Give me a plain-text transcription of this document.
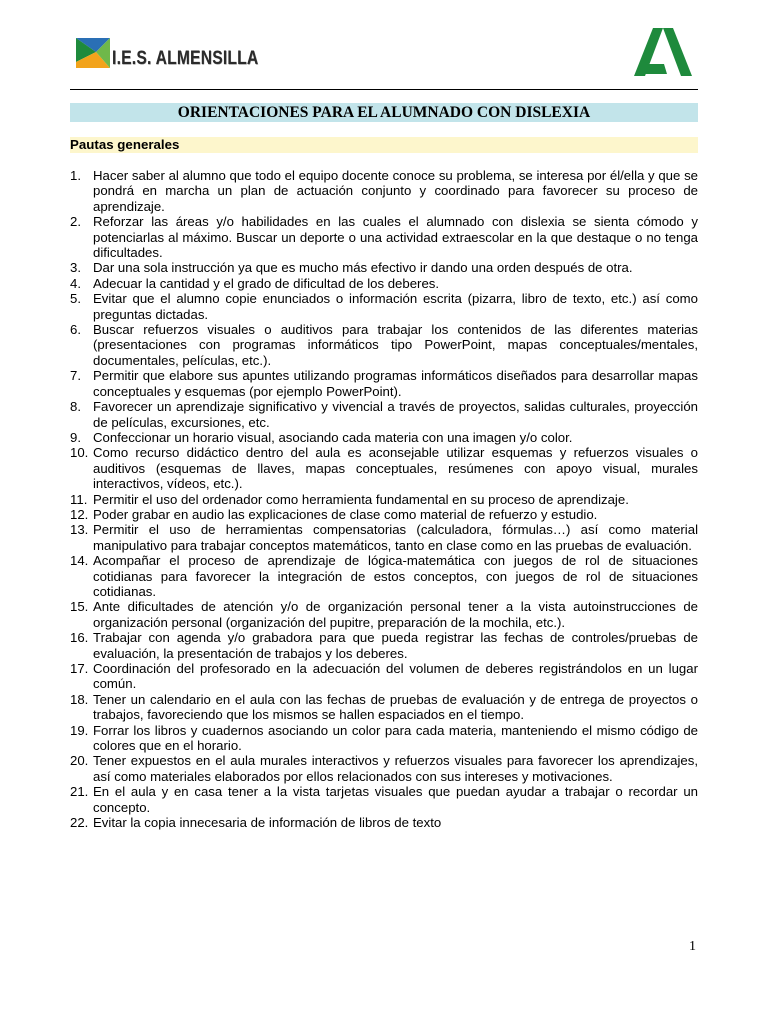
I.E.S. ALMENSILLA
ORIENTACIONES PARA EL ALUMNADO CON DISLEXIA
Pautas generales
1. Hacer saber al alumno que todo el equipo docente conoce su problema, se interesa por él/ella y que se pondrá en marcha un plan de actuación conjunto y coordinado para favorecer su proceso de aprendizaje.
2. Reforzar las áreas y/o habilidades en las cuales el alumnado con dislexia se sienta cómodo y potenciarlas al máximo. Buscar un deporte o una actividad extraescolar en la que destaque o no tenga dificultades.
3. Dar una sola instrucción ya que es mucho más efectivo ir dando una orden después de otra.
4. Adecuar la cantidad y el grado de dificultad de los deberes.
5. Evitar que el alumno copie enunciados o información escrita (pizarra, libro de texto, etc.) así como preguntas dictadas.
6. Buscar refuerzos visuales o auditivos para trabajar los contenidos de las diferentes materias (presentaciones con programas informáticos tipo PowerPoint, mapas conceptuales/mentales, documentales, películas, etc.).
7. Permitir que elabore sus apuntes utilizando programas informáticos diseñados para desarrollar mapas conceptuales y esquemas (por ejemplo PowerPoint).
8. Favorecer un aprendizaje significativo y vivencial a través de proyectos, salidas culturales, proyección de películas, excursiones, etc.
9. Confeccionar un horario visual, asociando cada materia con una imagen y/o color.
10. Como recurso didáctico dentro del aula es aconsejable utilizar esquemas y refuerzos visuales o auditivos (esquemas de llaves, mapas conceptuales, resúmenes con apoyo visual, murales interactivos, vídeos, etc.).
11. Permitir el uso del ordenador como herramienta fundamental en su proceso de aprendizaje.
12. Poder grabar en audio las explicaciones de clase como material de refuerzo y estudio.
13. Permitir el uso de herramientas compensatorias (calculadora, fórmulas…) así como material manipulativo para trabajar conceptos matemáticos, tanto en clase como en las pruebas de evaluación.
14. Acompañar el proceso de aprendizaje de lógica-matemática con juegos de rol de situaciones cotidianas para favorecer la integración de estos conceptos, con juegos de rol de situaciones cotidianas.
15. Ante dificultades de atención y/o de organización personal tener a la vista autoinstrucciones de organización personal (organización del pupitre, preparación de la mochila, etc.).
16. Trabajar con agenda y/o grabadora para que pueda registrar las fechas de controles/pruebas de evaluación, la presentación de trabajos y los deberes.
17. Coordinación del profesorado en la adecuación del volumen de deberes registrándolos en un lugar común.
18. Tener un calendario en el aula con las fechas de pruebas de evaluación y de entrega de proyectos o trabajos, favoreciendo que los mismos se hallen espaciados en el tiempo.
19. Forrar los libros y cuadernos asociando un color para cada materia, manteniendo el mismo código de colores que en el horario.
20. Tener expuestos en el aula murales interactivos y refuerzos visuales para favorecer los aprendizajes, así como materiales elaborados por ellos relacionados con sus intereses y motivaciones.
21. En el aula y en casa tener a la vista tarjetas visuales que puedan ayudar a trabajar o recordar un concepto.
22. Evitar la copia innecesaria de información de libros de texto
1
